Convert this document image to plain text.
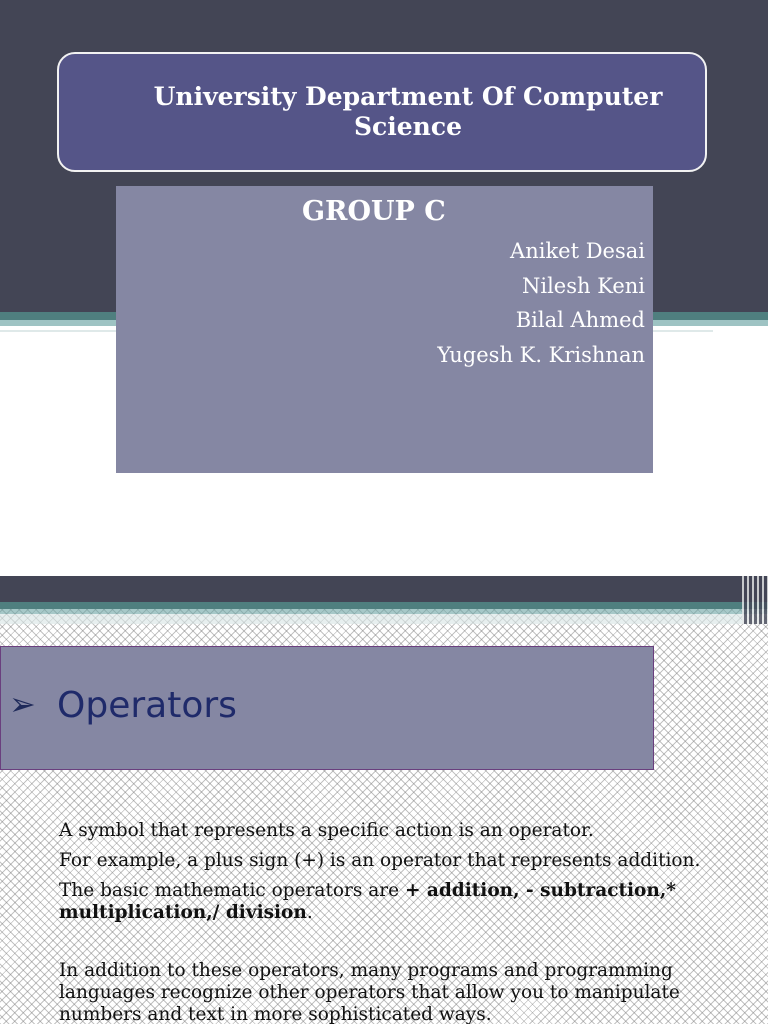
University Department Of Computer Science
GROUP C
Aniket Desai
Nilesh Keni
Bilal Ahmed
Yugesh K. Krishnan
➢ Operators

A symbol that represents a specific action is an operator.

For example, a plus sign (+) is an operator that represents addition.

The basic mathematic operators are + addition, - subtraction,* multiplication,/ division.

In addition to these operators, many programs and programming languages recognize other operators that allow you to manipulate numbers and text in more sophisticated ways.
